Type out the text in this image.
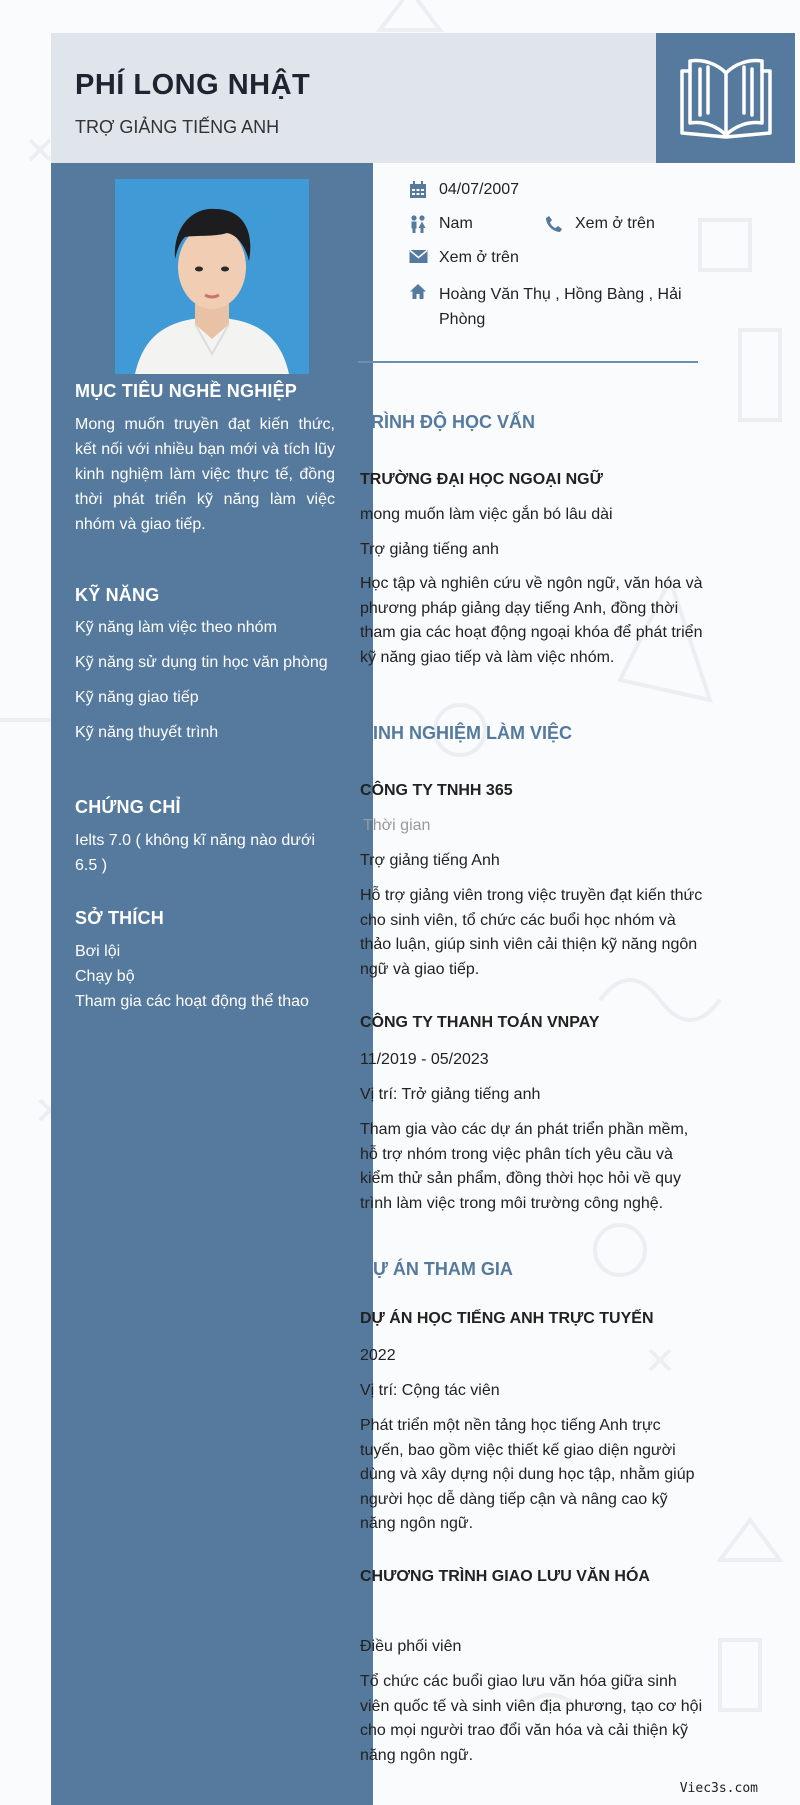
PHÍ LONG NHẬT
TRỢ GIẢNG TIẾNG ANH
MỤC TIÊU NGHỀ NGHIỆP
Mong muốn truyền đạt kiến thức, kết nối với nhiều bạn mới và tích lũy kinh nghiệm làm việc thực tế, đồng thời phát triển kỹ năng làm việc nhóm và giao tiếp.
KỸ NĂNG
Kỹ năng làm việc theo nhóm
Kỹ năng sử dụng tin học văn phòng
Kỹ năng giao tiếp
Kỹ năng thuyết trình
CHỨNG CHỈ
Ielts 7.0 ( không kĩ năng nào dưới 6.5 )
SỞ THÍCH
Bơi lội
Chạy bộ
Tham gia các hoạt động thể thao
04/07/2007
Nam	Xem ở trên
Xem ở trên
Hoàng Văn Thụ , Hồng Bàng , Hải Phòng
TRÌNH ĐỘ HỌC VẤN
TRƯỜNG ĐẠI HỌC NGOẠI NGỮ
mong muốn làm việc gắn bó lâu dài
Trợ giảng tiếng anh
Học tập và nghiên cứu về ngôn ngữ, văn hóa và phương pháp giảng dạy tiếng Anh, đồng thời tham gia các hoạt động ngoại khóa để phát triển kỹ năng giao tiếp và làm việc nhóm.
KINH NGHIỆM LÀM VIỆC
CÔNG TY TNHH 365
Thời gian
Trợ giảng tiếng Anh
Hỗ trợ giảng viên trong việc truyền đạt kiến thức cho sinh viên, tổ chức các buổi học nhóm và thảo luận, giúp sinh viên cải thiện kỹ năng ngôn ngữ và giao tiếp.
CÔNG TY THANH TOÁN VNPAY
11/2019 - 05/2023
Vị trí: Trở giảng tiếng anh
Tham gia vào các dự án phát triển phần mềm, hỗ trợ nhóm trong việc phân tích yêu cầu và kiểm thử sản phẩm, đồng thời học hỏi về quy trình làm việc trong môi trường công nghệ.
DỰ ÁN THAM GIA
DỰ ÁN HỌC TIẾNG ANH TRỰC TUYẾN
2022
Vị trí: Cộng tác viên
Phát triển một nền tảng học tiếng Anh trực tuyến, bao gồm việc thiết kế giao diện người dùng và xây dựng nội dung học tập, nhằm giúp người học dễ dàng tiếp cận và nâng cao kỹ năng ngôn ngữ.
CHƯƠNG TRÌNH GIAO LƯU VĂN HÓA
Điều phối viên
Tổ chức các buổi giao lưu văn hóa giữa sinh viên quốc tế và sinh viên địa phương, tạo cơ hội cho mọi người trao đổi văn hóa và cải thiện kỹ năng ngôn ngữ.
Viec3s.com
